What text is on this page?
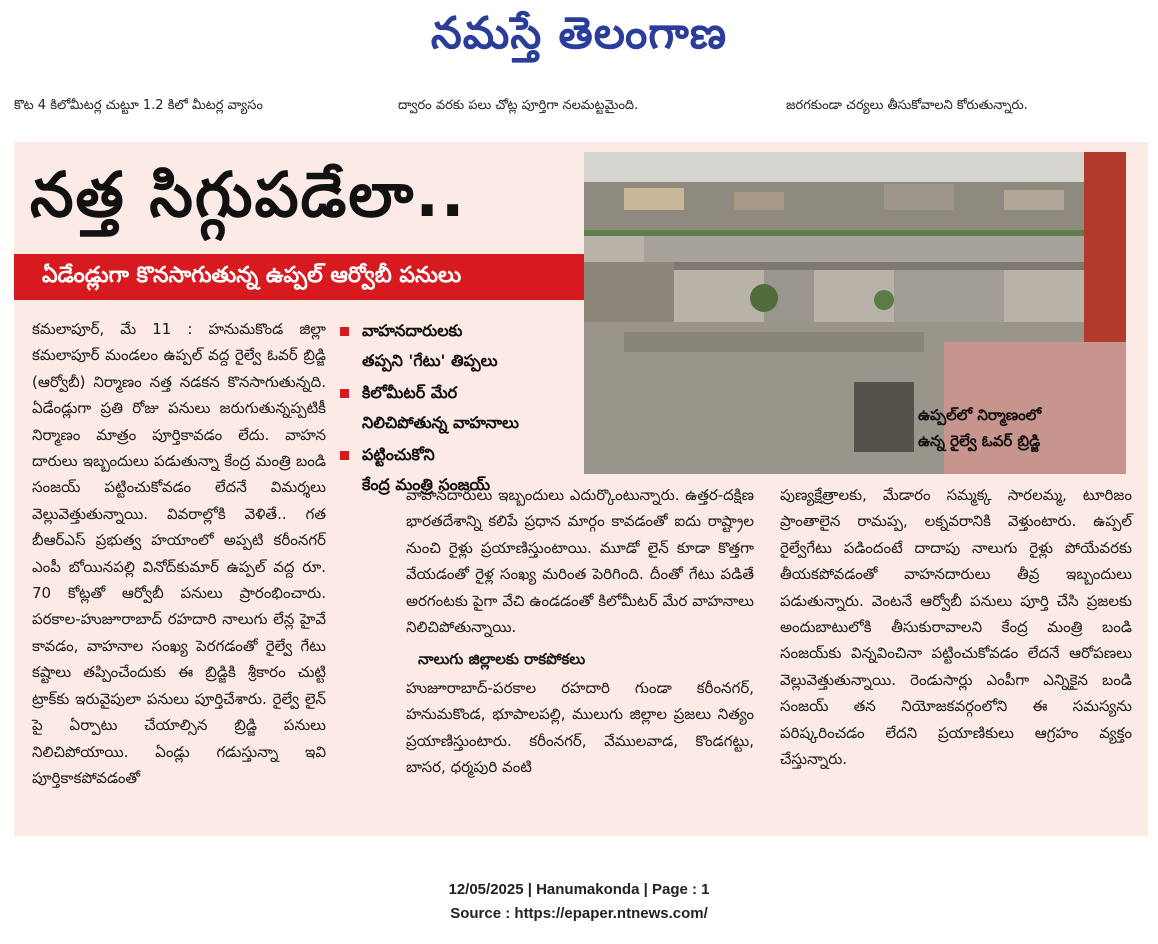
నమస్తే తెలంగాణ
కొట 4 కిలోమీటర్ల చుట్టూ 1.2 కిలో మీటర్ల వ్యాసం	ద్వారం వరకు పలు చోట్ల పూర్తిగా నలమట్టమైంది.	జరగకుండా చర్యలు తీసుకోవాలని కోరుతున్నారు.
నత్త సిగ్గుపడేలా..
ఏడేండ్లుగా కొనసాగుతున్న ఉప్పల్ ఆర్వోబీ పనులు
ఉప్పల్‌లో నిర్మాణంలో
ఉన్న రైల్వే ఓవర్ బ్రిడ్జి

కమలాపూర్, మే 11 : హనుమకొండ జిల్లా కమలాపూర్ మండలం ఉప్పల్ వద్ద రైల్వే ఓవర్ బ్రిడ్జి (ఆర్వోబీ) నిర్మాణం నత్త నడకన కొనసాగుతున్నది. ఏడేండ్లుగా ప్రతి రోజు పనులు జరుగుతున్నప్పటికీ నిర్మాణం మాత్రం పూర్తికావడం లేదు. వాహన దారులు ఇబ్బందులు పడుతున్నా కేంద్ర మంత్రి బండి సంజయ్ పట్టించుకోవడం లేదనే విమర్శలు వెల్లువెత్తుతున్నాయి. వివరాల్లోకి వెళితే.. గత బీఆర్ఎస్ ప్రభుత్వ హయాంలో అప్పటి కరీంనగర్ ఎంపీ బోయినపల్లి వినోద్‌కుమార్ ఉప్పల్ వద్ద రూ. 70 కోట్లతో ఆర్వోబీ పనులు ప్రారంభించారు. పరకాల-హుజూరాబాద్ రహదారి నాలుగు లేన్ల హైవే కావడం, వాహనాల సంఖ్య పెరగడంతో రైల్వే గేటు కష్టాలు తప్పించేందుకు ఈ బ్రిడ్జికి శ్రీకారం చుట్టి ట్రాక్‌కు ఇరువైపులా పనులు పూర్తిచేశారు. రైల్వే లైన్ పై ఏర్పాటు చేయాల్సిన బ్రిడ్జి పనులు నిలిచిపోయాయి. ఏండ్లు గడుస్తున్నా ఇవి పూర్తికాకపోవడంతో

వాహనదారులకు
తప్పని 'గేటు' తిప్పలు
కిలోమీటర్ మేర
నిలిచిపోతున్న వాహనాలు
పట్టించుకోని
కేంద్ర మంత్రి సంజయ్

వాహనదారులు ఇబ్బందులు ఎదుర్కొంటున్నారు. ఉత్తర-దక్షిణ భారతదేశాన్ని కలిపే ప్రధాన మార్గం కావడంతో ఐదు రాష్ట్రాల నుంచి రైళ్లు ప్రయాణిస్తుంటాయి. మూడో లైన్ కూడా కొత్తగా వేయడంతో రైళ్ల సంఖ్య మరింత పెరిగింది. దీంతో గేటు పడితే అరగంటకు పైగా వేచి ఉండడంతో కిలోమీటర్ మేర వాహనాలు నిలిచిపోతున్నాయి.

నాలుగు జిల్లాలకు రాకపోకలు

హుజూరాబాద్-పరకాల రహదారి గుండా కరీంనగర్, హనుమకొండ, భూపాలపల్లి, ములుగు జిల్లాల ప్రజలు నిత్యం ప్రయాణిస్తుంటారు. కరీంనగర్, వేములవాడ, కొండగట్టు, బాసర, ధర్మపురి వంటి

పుణ్యక్షేత్రాలకు, మేడారం సమ్మక్క సారలమ్మ, టూరిజం ప్రాంతాలైన రామప్ప, లక్నవరానికి వెళ్తుంటారు. ఉప్పల్ రైల్వేగేటు పడిందంటే దాదాపు నాలుగు రైళ్లు పోయేవరకు తీయకపోవడంతో వాహనదారులు తీవ్ర ఇబ్బందులు పడుతున్నారు. వెంటనే ఆర్వోబీ పనులు పూర్తి చేసి ప్రజలకు అందుబాటులోకి తీసుకురావాలని కేంద్ర మంత్రి బండి సంజయ్‌కు విన్నవించినా పట్టించుకోవడం లేదనే ఆరోపణలు వెల్లువెత్తుతున్నాయి. రెండుసార్లు ఎంపీగా ఎన్నికైన బండి సంజయ్ తన నియోజకవర్గంలోని ఈ సమస్యను పరిష్కరించడం లేదని ప్రయాణికులు ఆగ్రహం వ్యక్తం చేస్తున్నారు.

12/05/2025 | Hanumakonda | Page : 1
Source : https://epaper.ntnews.com/
